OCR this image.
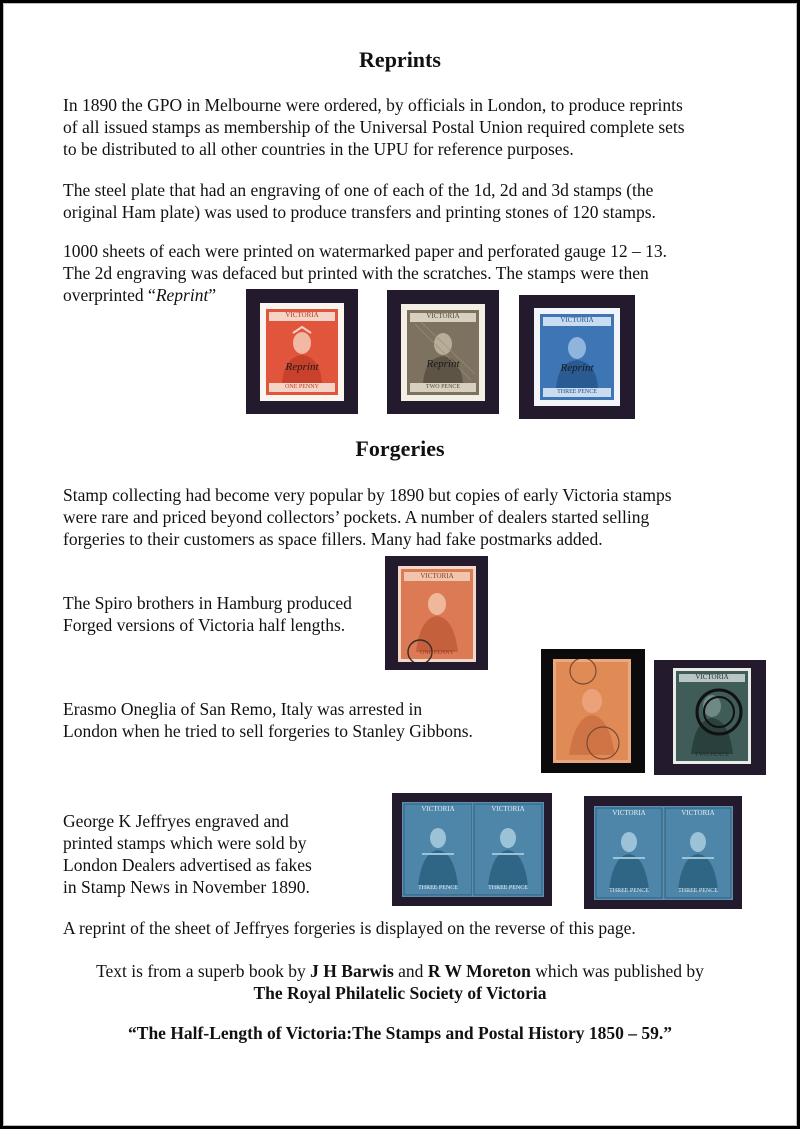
Reprints
In 1890 the GPO in Melbourne were ordered, by officials in London, to produce reprints
of all issued stamps as membership of the Universal Postal Union required complete sets
to be distributed to all other countries in the UPU for reference purposes.
The steel plate that had an engraving of one of each of the 1d, 2d and 3d stamps (the
original Ham plate) was used to produce transfers and printing stones of 120 stamps.
1000 sheets of each were printed on watermarked paper and perforated gauge 12 – 13.
The 2d engraving was defaced but printed with the scratches. The stamps were then
overprinted “Reprint”
VICTORIA
Reprint
ONE PENNY
VICTORIA
Reprint
TWO PENCE
VICTORIA
Reprint
THREE PENCE
Forgeries
Stamp collecting had become very popular by 1890 but copies of early Victoria stamps
were rare and priced beyond collectors’ pockets. A number of dealers started selling
forgeries to their customers as space fillers. Many had fake postmarks added.
The Spiro brothers in Hamburg produced
Forged versions of Victoria half lengths.
VICTORIA
ONE PENNY
Erasmo Oneglia of San Remo, Italy was arrested in
London when he tried to sell forgeries to Stanley Gibbons.
VICTORIA
TWO PENCE
George K Jeffryes engraved and
printed stamps which were sold by
London Dealers advertised as fakes
in Stamp News in November 1890.
VICTORIA
THREE PENCE
VICTORIA
THREE PENCE
VICTORIA
THREE PENCE
VICTORIA
THREE PENCE
A reprint of the sheet of Jeffryes forgeries is displayed on the reverse of this page.
Text is from a superb book by J H Barwis and R W Moreton which was published by
The Royal Philatelic Society of Victoria
“The Half-Length of Victoria:The Stamps and Postal History 1850 – 59.”
